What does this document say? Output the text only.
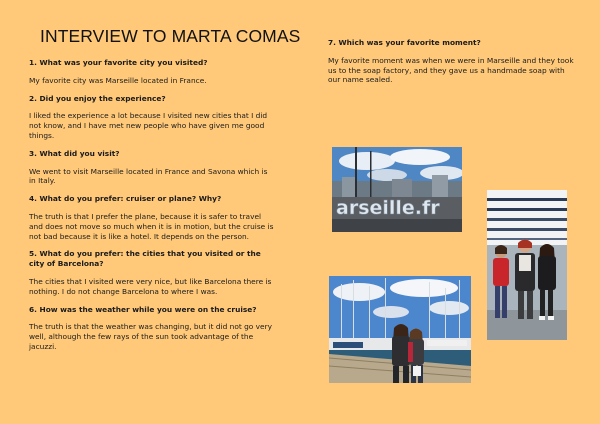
INTERVIEW TO MARTA COMAS
1. What was your favorite city you visited?
My favorite city was Marseille located in France.
2. Did you enjoy the experience?
I liked the experience a lot because I visited new cities that I did not know, and I have met new people who have given me good things.
3. What did you visit?
We went to visit Marseille located in France and Savona which is in Italy.
4. What do you prefer: cruiser or plane? Why?
The truth is that I prefer the plane, because it is safer to travel and does not move so much when it is in motion, but the cruise is not bad because it is like a hotel. It depends on the person.
5. What do you prefer: the cities that you visited or the city of Barcelona?
The cities that I visited were very nice, but like Barcelona there is nothing. I do not change Barcelona to where I was.
6. How was the weather while you were on the cruise?
The truth is that the weather was changing, but it did not go very well, although the few rays of the sun took advantage of the jacuzzi.
7. Which was your favorite moment?
My favorite moment was when we were in Marseille and they took us to the soap factory, and they gave us a handmade soap with our name sealed.
arseille.fr
